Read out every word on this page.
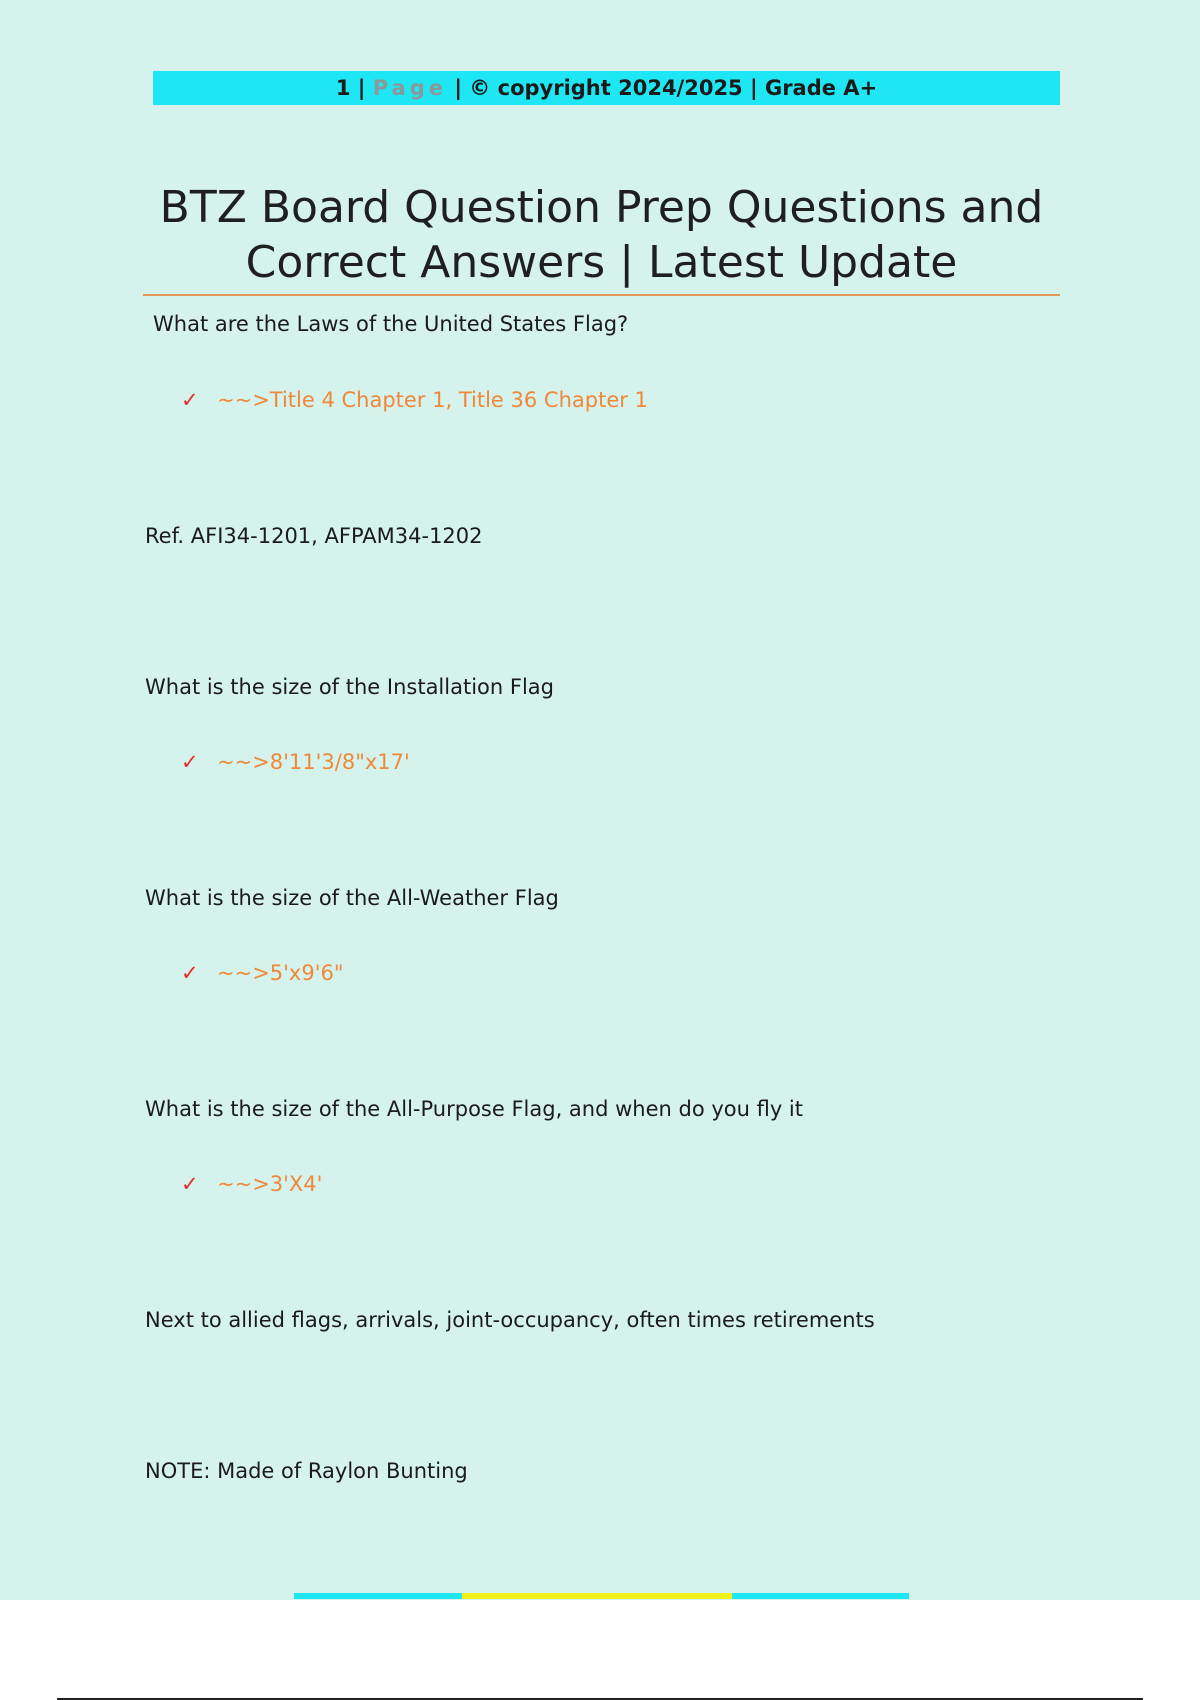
1 | Page | © copyright 2024/2025 | Grade A+
BTZ Board Question Prep Questions and
Correct Answers | Latest Update

What are the Laws of the United States Flag?

✓ ~~>Title 4 Chapter 1, Title 36 Chapter 1

Ref. AFI34-1201, AFPAM34-1202

What is the size of the Installation Flag

✓ ~~>8'11'3/8"x17'

What is the size of the All-Weather Flag

✓ ~~>5'x9'6"

What is the size of the All-Purpose Flag, and when do you fly it

✓ ~~>3'X4'

Next to allied flags, arrivals, joint-occupancy, often times retirements

NOTE: Made of Raylon Bunting
